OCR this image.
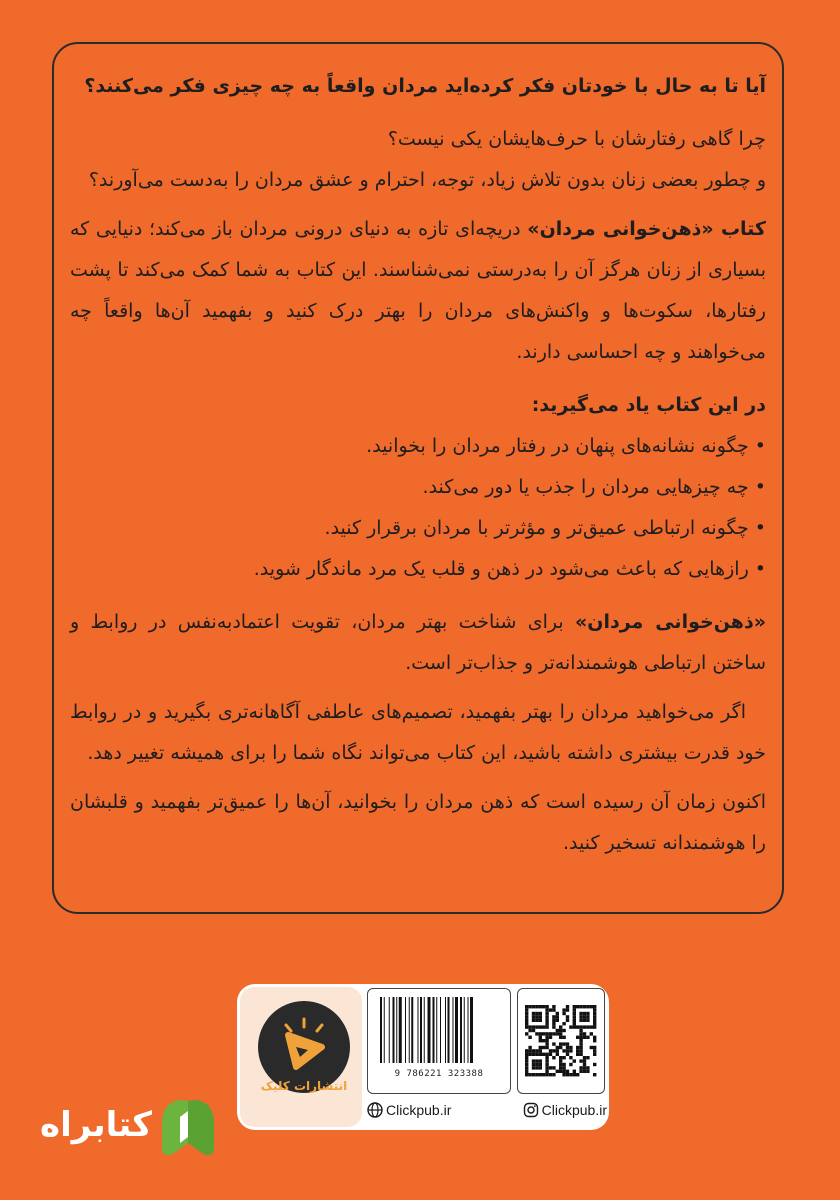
آیا تا به حال با خودتان فکر کرده‌اید مردان واقعاً به چه چیزی فکر می‌کنند؟

چرا گاهی رفتارشان با حرف‌هایشان یکی نیست؟

و چطور بعضی زنان بدون تلاش زیاد، توجه، احترام و عشق مردان را به‌دست می‌آورند؟

کتاب «ذهن‌خوانی مردان» دریچه‌ای تازه به دنیای درونی مردان باز می‌کند؛ دنیایی که بسیاری از زنان هرگز آن را به‌درستی نمی‌شناسند. این کتاب به شما کمک می‌کند تا پشت رفتارها، سکوت‌ها و واکنش‌های مردان را بهتر درک کنید و بفهمید آن‌ها واقعاً چه می‌خواهند و چه احساسی دارند.

در این کتاب یاد می‌گیرید:

• چگونه نشانه‌های پنهان در رفتار مردان را بخوانید.

• چه چیزهایی مردان را جذب یا دور می‌کند.

• چگونه ارتباطی عمیق‌تر و مؤثرتر با مردان برقرار کنید.

• رازهایی که باعث می‌شود در ذهن و قلب یک مرد ماندگار شوید.

«ذهن‌خوانی مردان» برای شناخت بهتر مردان، تقویت اعتمادبه‌نفس در روابط و ساختن ارتباطی هوشمندانه‌تر و جذاب‌تر است.

اگر می‌خواهید مردان را بهتر بفهمید، تصمیم‌های عاطفی آگاهانه‌تری بگیرید و در روابط خود قدرت بیشتری داشته باشید، این کتاب می‌تواند نگاه شما را برای همیشه تغییر دهد.

اکنون زمان آن رسیده است که ذهن مردان را بخوانید، آن‌ها را عمیق‌تر بفهمید و قلبشان را هوشمندانه تسخیر کنید.

انتشارات کلیک
9 786221 323388
Clickpub.ir	Clickpub.ir
کتابراه
